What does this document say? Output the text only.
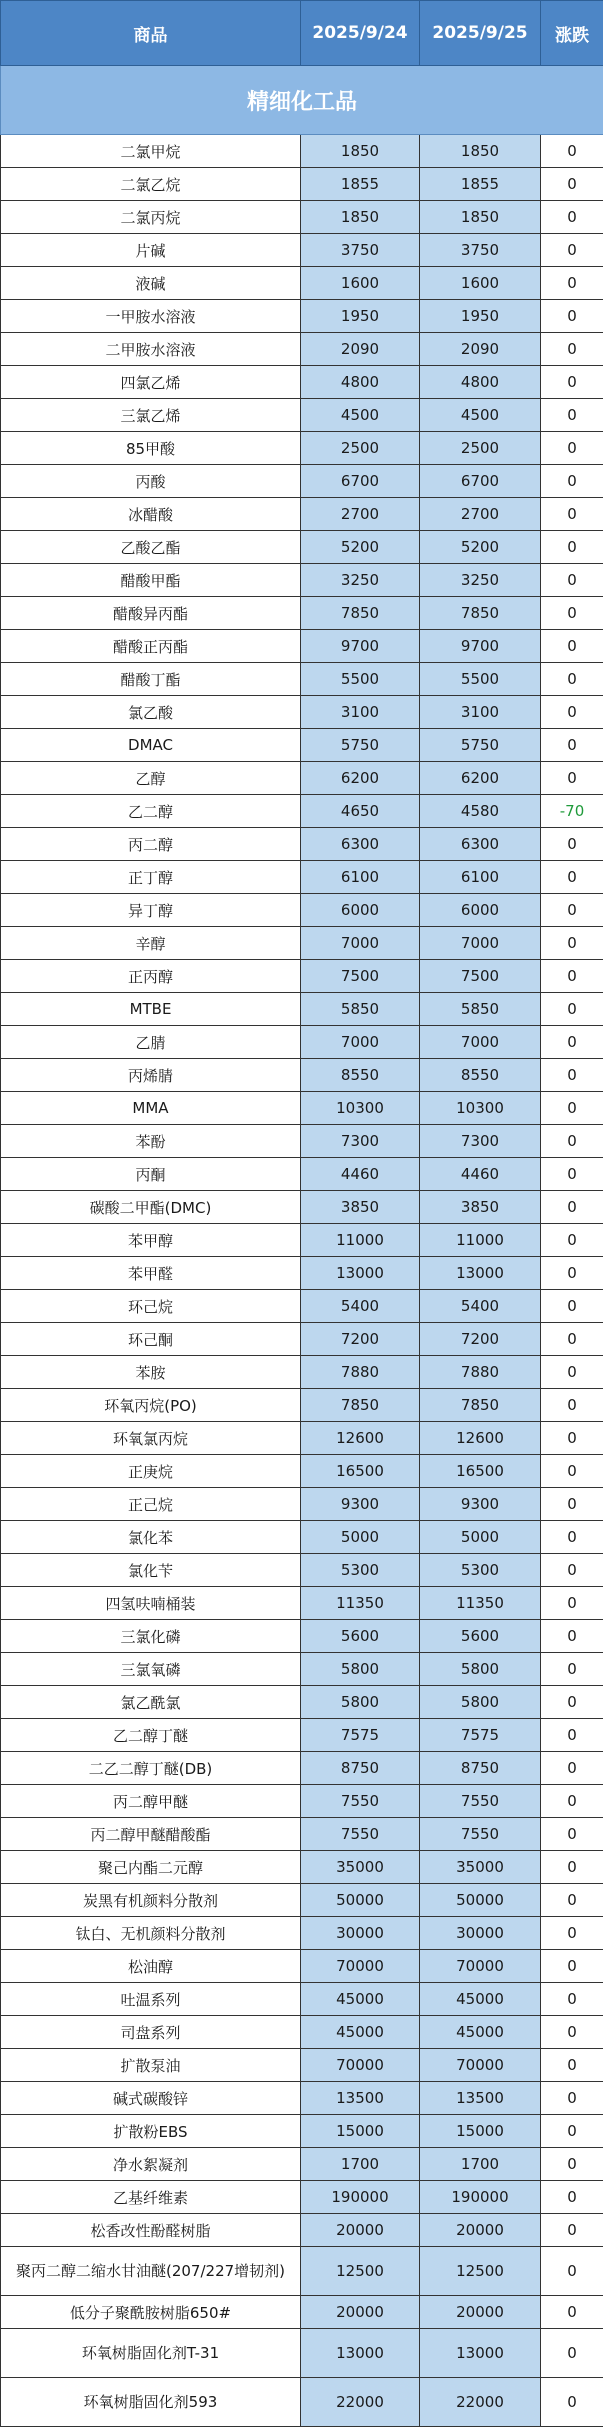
商品	2025/9/24	2025/9/25	涨跌
精细化工品			
二氯甲烷	1850	1850	0
二氯乙烷	1855	1855	0
二氯丙烷	1850	1850	0
片碱	3750	3750	0
液碱	1600	1600	0
一甲胺水溶液	1950	1950	0
二甲胺水溶液	2090	2090	0
四氯乙烯	4800	4800	0
三氯乙烯	4500	4500	0
85甲酸	2500	2500	0
丙酸	6700	6700	0
冰醋酸	2700	2700	0
乙酸乙酯	5200	5200	0
醋酸甲酯	3250	3250	0
醋酸异丙酯	7850	7850	0
醋酸正丙酯	9700	9700	0
醋酸丁酯	5500	5500	0
氯乙酸	3100	3100	0
DMAC	5750	5750	0
乙醇	6200	6200	0
乙二醇	4650	4580	-70
丙二醇	6300	6300	0
正丁醇	6100	6100	0
异丁醇	6000	6000	0
辛醇	7000	7000	0
正丙醇	7500	7500	0
MTBE	5850	5850	0
乙腈	7000	7000	0
丙烯腈	8550	8550	0
MMA	10300	10300	0
苯酚	7300	7300	0
丙酮	4460	4460	0
碳酸二甲酯(DMC)	3850	3850	0
苯甲醇	11000	11000	0
苯甲醛	13000	13000	0
环己烷	5400	5400	0
环己酮	7200	7200	0
苯胺	7880	7880	0
环氧丙烷(PO)	7850	7850	0
环氧氯丙烷	12600	12600	0
正庚烷	16500	16500	0
正己烷	9300	9300	0
氯化苯	5000	5000	0
氯化苄	5300	5300	0
四氢呋喃桶装	11350	11350	0
三氯化磷	5600	5600	0
三氯氧磷	5800	5800	0
氯乙酰氯	5800	5800	0
乙二醇丁醚	7575	7575	0
二乙二醇丁醚(DB)	8750	8750	0
丙二醇甲醚	7550	7550	0
丙二醇甲醚醋酸酯	7550	7550	0
聚己内酯二元醇	35000	35000	0
炭黑有机颜料分散剂	50000	50000	0
钛白、无机颜料分散剂	30000	30000	0
松油醇	70000	70000	0
吐温系列	45000	45000	0
司盘系列	45000	45000	0
扩散泵油	70000	70000	0
碱式碳酸锌	13500	13500	0
扩散粉EBS	15000	15000	0
净水絮凝剂	1700	1700	0
乙基纤维素	190000	190000	0
松香改性酚醛树脂	20000	20000	0
聚丙二醇二缩水甘油醚(207/227增韧剂)	12500	12500	0
低分子聚酰胺树脂650#	20000	20000	0
环氧树脂固化剂T-31	13000	13000	0
环氧树脂固化剂593	22000	22000	0
